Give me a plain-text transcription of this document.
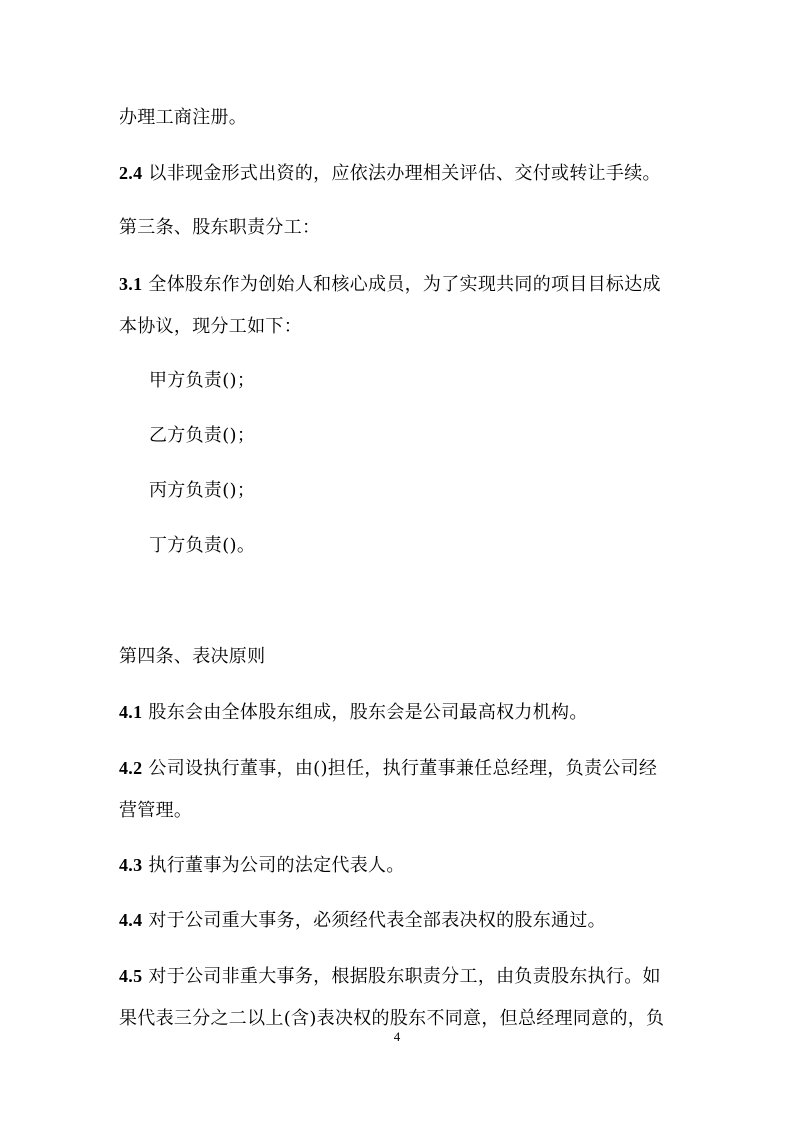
办理工商注册。
2.4 以非现金形式出资的，应依法办理相关评估、交付或转让手续。
第三条、股东职责分工：
3.1 全体股东作为创始人和核心成员，为了实现共同的项目目标达成
本协议，现分工如下：
甲方负责()；
乙方负责()；
丙方负责()；
丁方负责()。
第四条、表决原则
4.1 股东会由全体股东组成，股东会是公司最高权力机构。
4.2 公司设执行董事，由()担任，执行董事兼任总经理，负责公司经
营管理。
4.3 执行董事为公司的法定代表人。
4.4 对于公司重大事务，必须经代表全部表决权的股东通过。
4.5 对于公司非重大事务，根据股东职责分工，由负责股东执行。如
果代表三分之二以上(含)表决权的股东不同意，但总经理同意的，负
4
